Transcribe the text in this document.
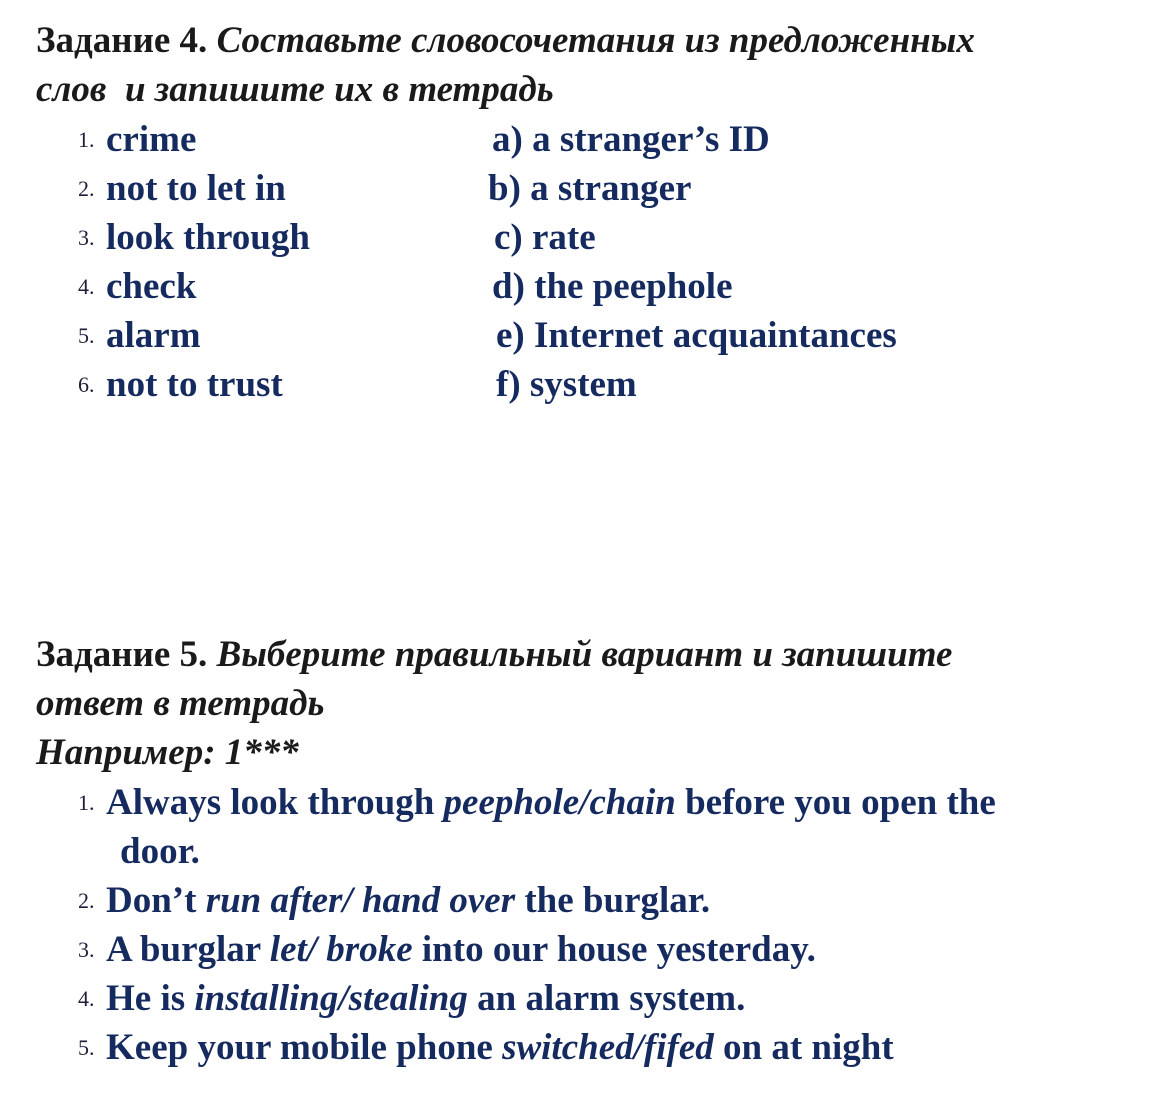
Задание 4. Составьте словосочетания из предложенных
слов  и запишите их в тетрадь
1. crime	a) a stranger’s ID
2. not to let in	b) a stranger
3. look through	c) rate
4. check	d) the peephole
5. alarm	e) Internet acquaintances
6. not to trust	f) system
Задание 5. Выберите правильный вариант и запишите
ответ в тетрадь
Например: 1***
1. Always look through peephole/chain before you open the
door.
2. Don’t run after/ hand over the burglar.
3. A burglar let/ broke into our house yesterday.
4. He is installing/stealing an alarm system.
5. Keep your mobile phone switched/fifed on at night
